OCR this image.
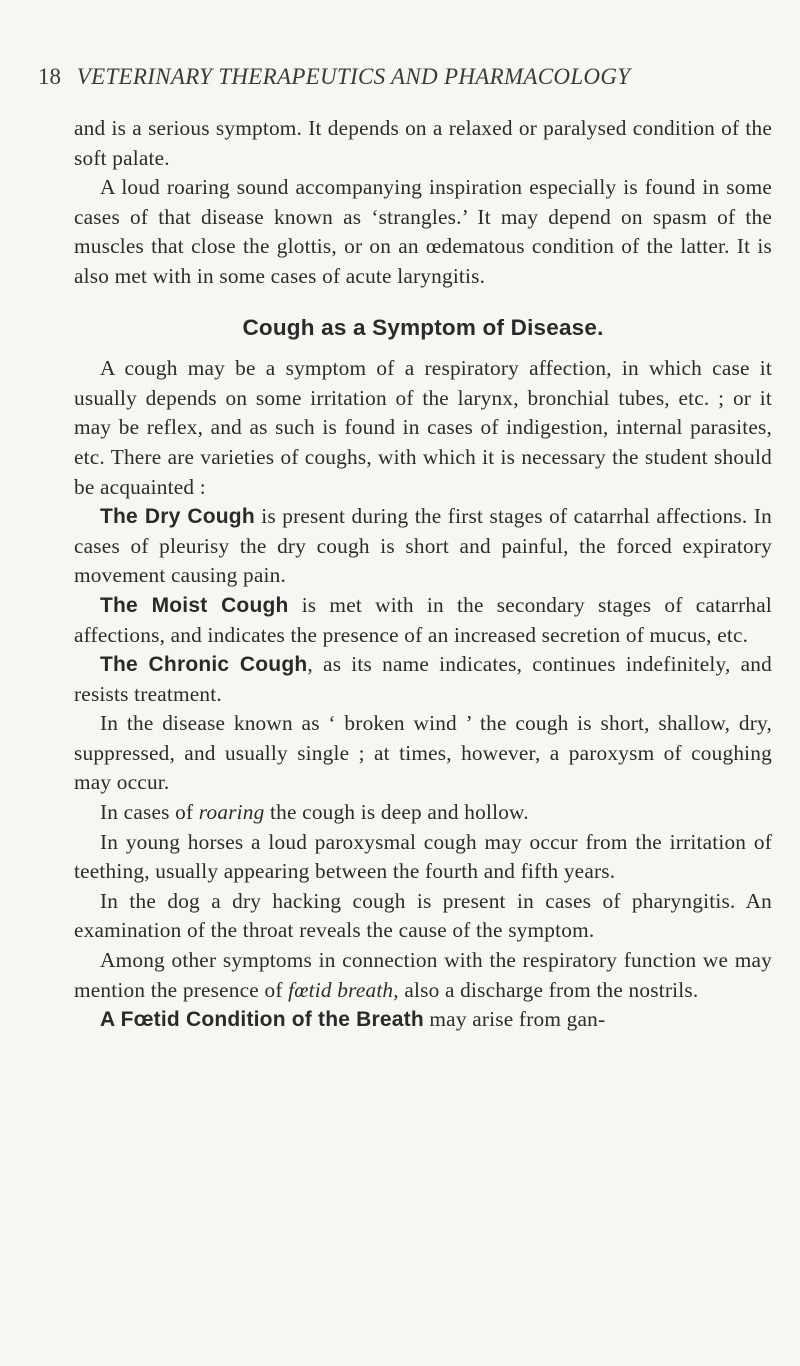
18 VETERINARY THERAPEUTICS AND PHARMACOLOGY

and is a serious symptom. It depends on a relaxed or paralysed condition of the soft palate.

A loud roaring sound accompanying inspiration especially is found in some cases of that disease known as ‘strangles.’ It may depend on spasm of the muscles that close the glottis, or on an œdematous condition of the latter. It is also met with in some cases of acute laryngitis.

Cough as a Symptom of Disease.

A cough may be a symptom of a respiratory affection, in which case it usually depends on some irritation of the larynx, bronchial tubes, etc. ; or it may be reflex, and as such is found in cases of indigestion, internal parasites, etc. There are varieties of coughs, with which it is necessary the student should be acquainted :

The Dry Cough is present during the first stages of catarrhal affections. In cases of pleurisy the dry cough is short and painful, the forced expiratory movement causing pain.

The Moist Cough is met with in the secondary stages of catarrhal affections, and indicates the presence of an increased secretion of mucus, etc.

The Chronic Cough, as its name indicates, continues indefinitely, and resists treatment.

In the disease known as ‘ broken wind ’ the cough is short, shallow, dry, suppressed, and usually single ; at times, however, a paroxysm of coughing may occur.

In cases of roaring the cough is deep and hollow.

In young horses a loud paroxysmal cough may occur from the irritation of teething, usually appearing between the fourth and fifth years.

In the dog a dry hacking cough is present in cases of pharyngitis. An examination of the throat reveals the cause of the symptom.

Among other symptoms in connection with the respiratory function we may mention the presence of fœtid breath, also a discharge from the nostrils.

A Fœtid Condition of the Breath may arise from gan-
